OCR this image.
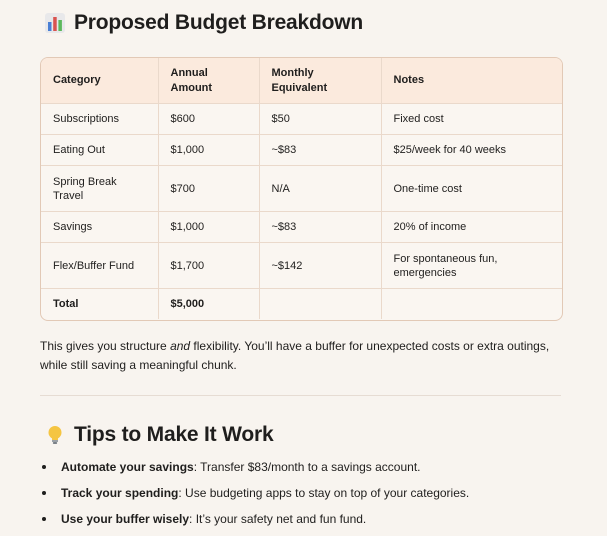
Proposed Budget Breakdown
Category	Annual Amount	Monthly Equivalent	Notes
Subscriptions	$600	$50	Fixed cost
Eating Out	$1,000	~$83	$25/week for 40 weeks
Spring Break Travel	$700	N/A	One-time cost
Savings	$1,000	~$83	20% of income
Flex/Buffer Fund	$1,700	~$142	For spontaneous fun, emergencies
Total	$5,000		

This gives you structure and flexibility. You’ll have a buffer for unexpected costs or extra outings, while still saving a meaningful chunk.

Tips to Make It Work
Automate your savings: Transfer $83/month to a savings account.
Track your spending: Use budgeting apps to stay on top of your categories.
Use your buffer wisely: It’s your safety net and fun fund.
